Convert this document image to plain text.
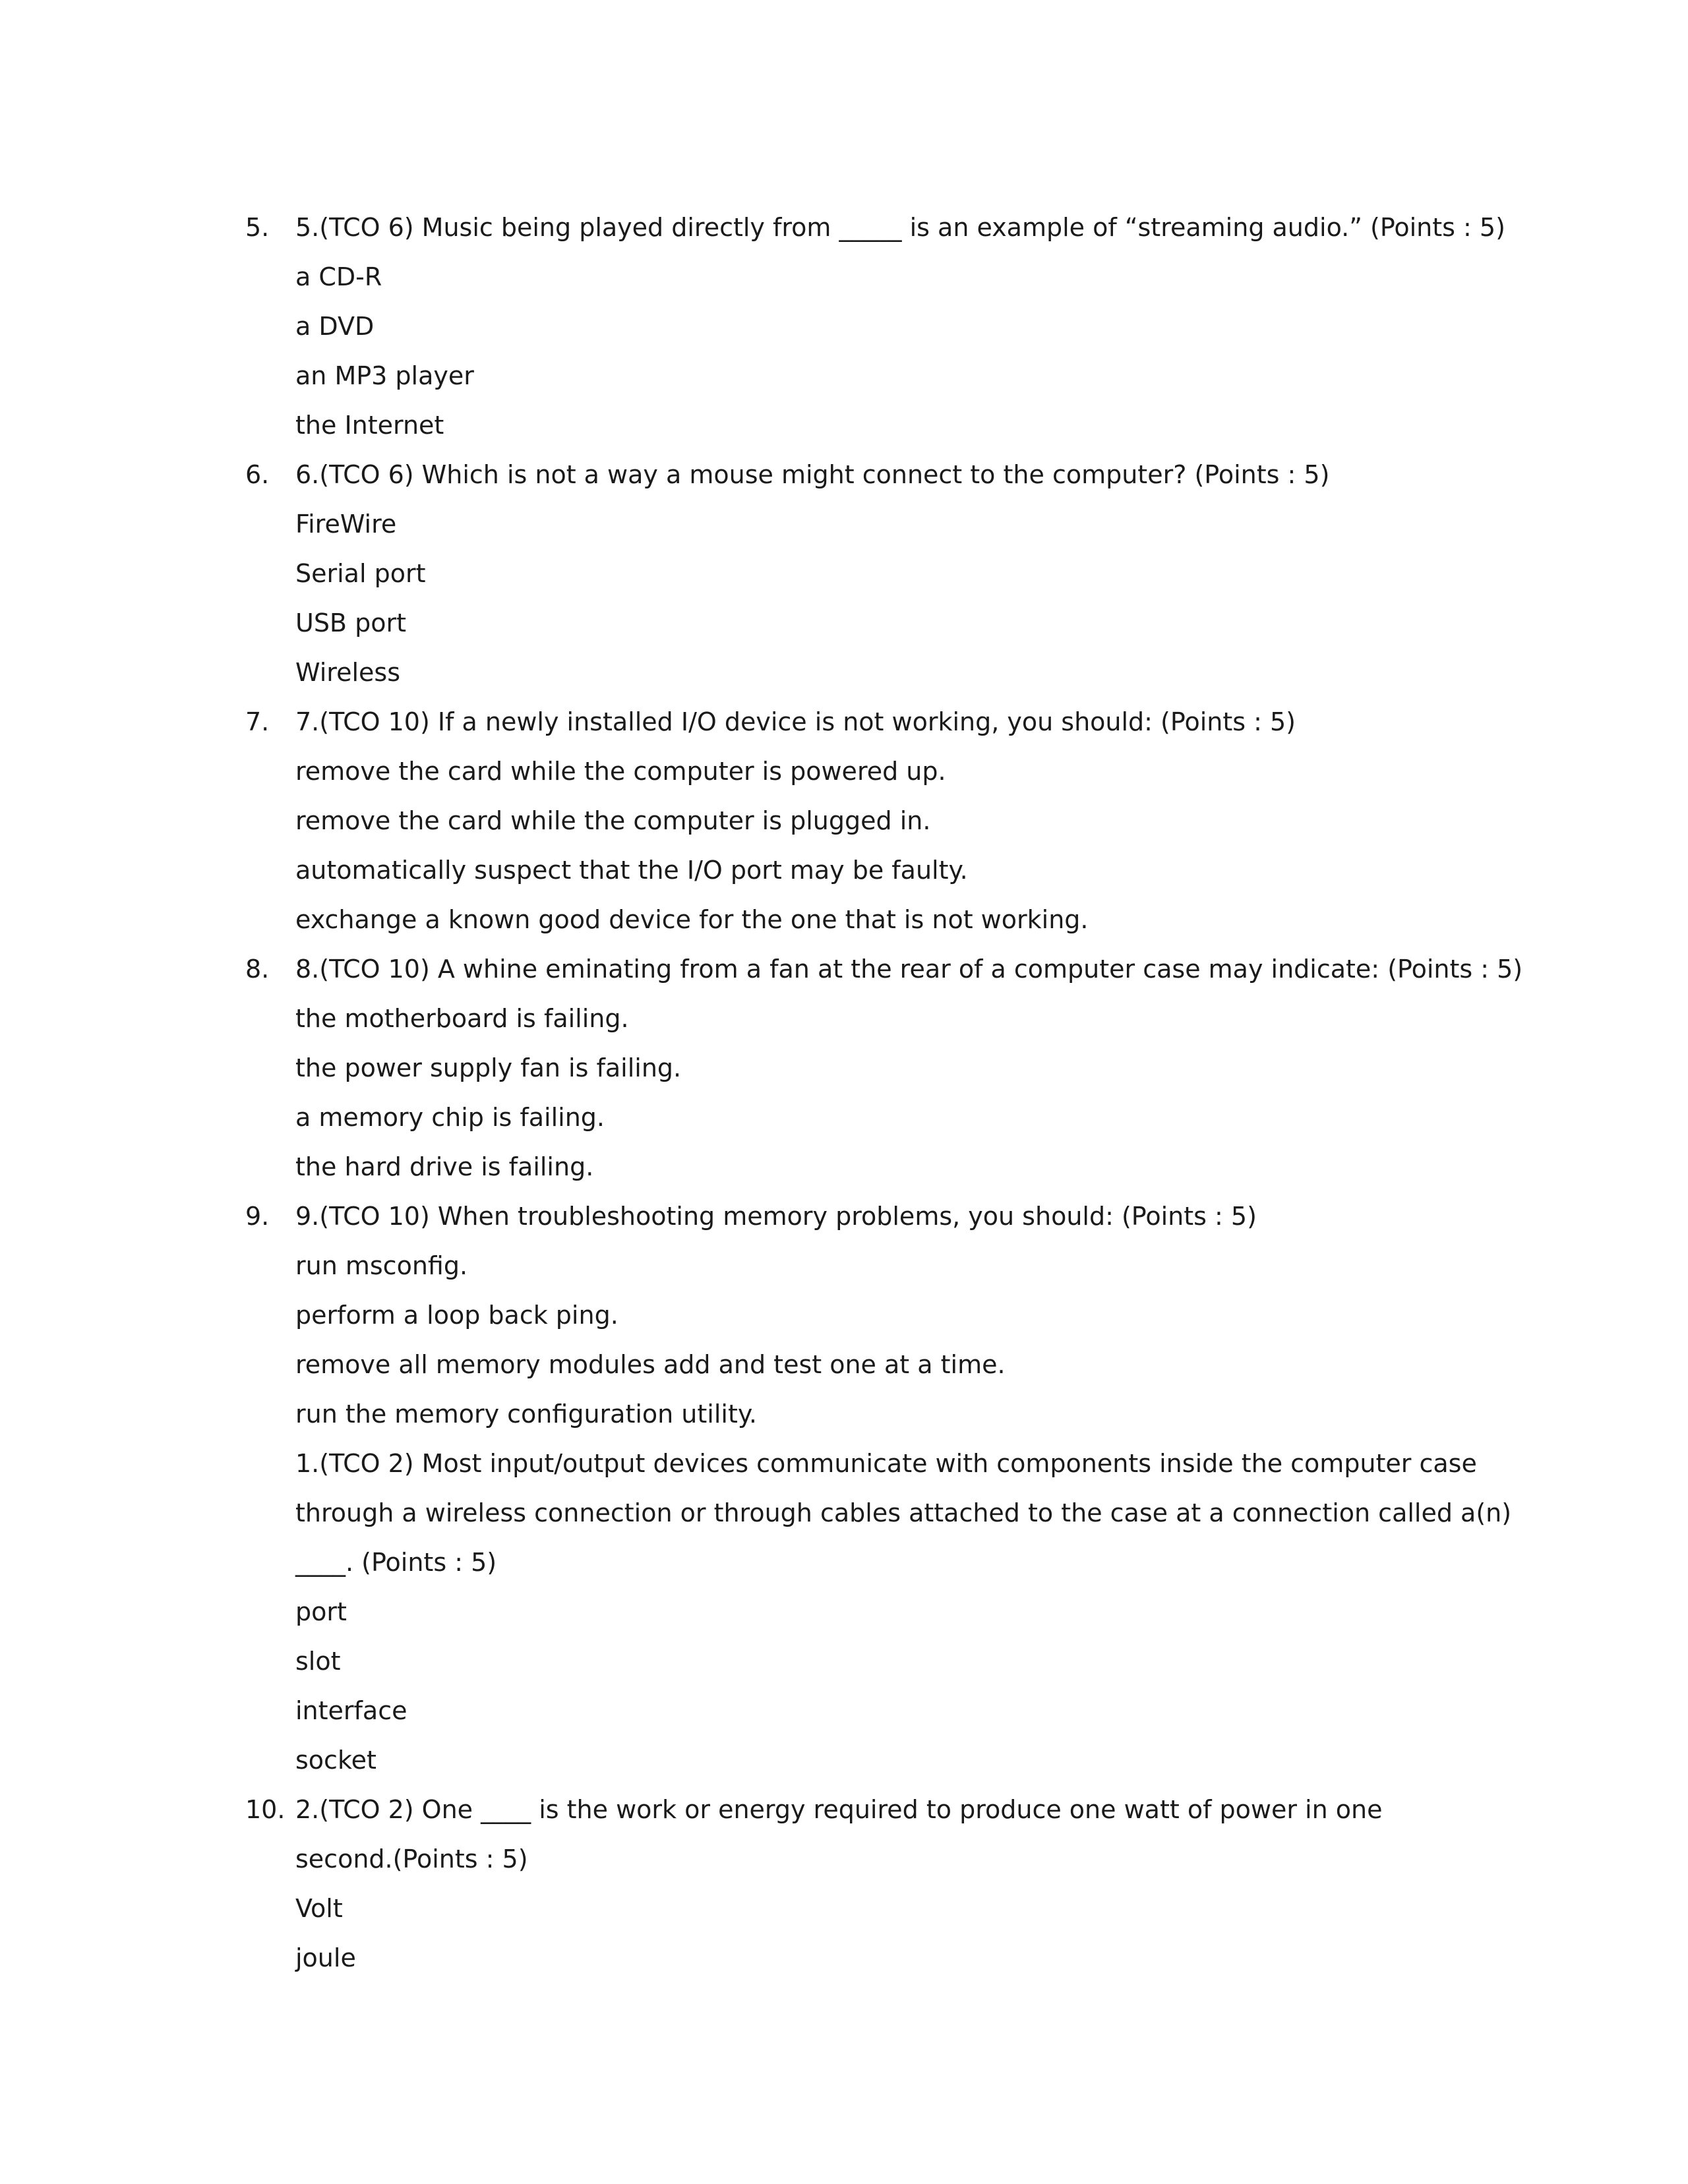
5. 5.(TCO 6) Music being played directly from _____ is an example of “streaming audio.” (Points : 5)
a CD-R
a DVD
an MP3 player
the Internet
6. 6.(TCO 6) Which is not a way a mouse might connect to the computer? (Points : 5)
FireWire
Serial port
USB port
Wireless
7. 7.(TCO 10) If a newly installed I/O device is not working, you should: (Points : 5)
remove the card while the computer is powered up.
remove the card while the computer is plugged in.
automatically suspect that the I/O port may be faulty.
exchange a known good device for the one that is not working.
8. 8.(TCO 10) A whine eminating from a fan at the rear of a computer case may indicate: (Points : 5)
the motherboard is failing.
the power supply fan is failing.
a memory chip is failing.
the hard drive is failing.
9. 9.(TCO 10) When troubleshooting memory problems, you should: (Points : 5)
run msconfig.
perform a loop back ping.
remove all memory modules add and test one at a time.
run the memory configuration utility.
1.(TCO 2) Most input/output devices communicate with components inside the computer case
through a wireless connection or through cables attached to the case at a connection called a(n)
____. (Points : 5)
port
slot
interface
socket
10. 2.(TCO 2) One ____ is the work or energy required to produce one watt of power in one
second.(Points : 5)
Volt
joule
